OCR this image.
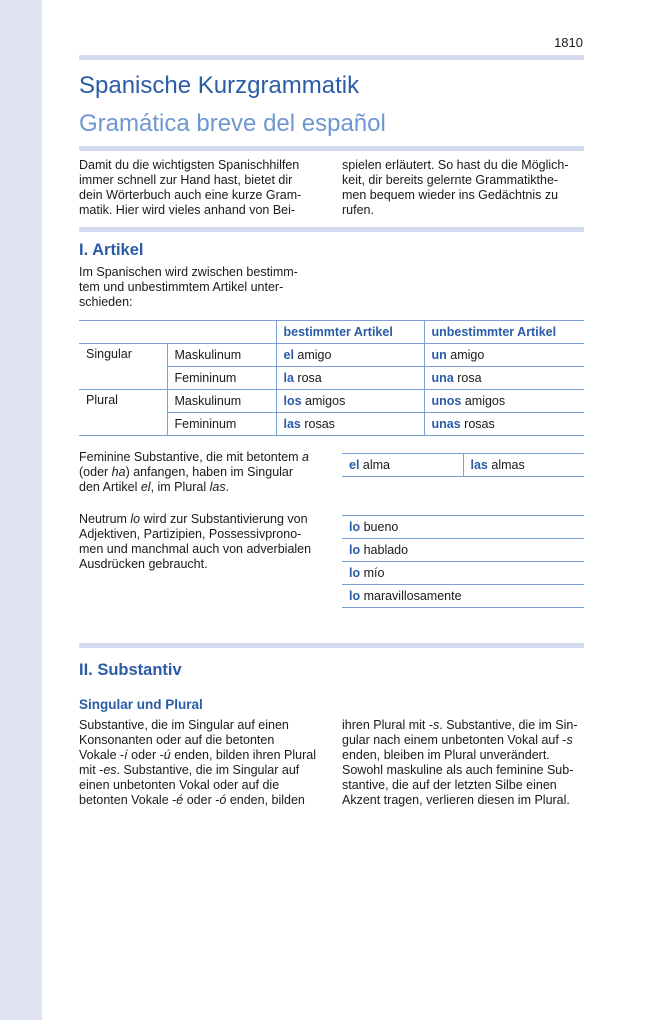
1810
Spanische Kurzgrammatik
Gramática breve del español

Damit du die wichtigsten Spanischhilfen

immer schnell zur Hand hast, bietet dir

dein Wörterbuch auch eine kurze Gram-

matik. Hier wird vieles anhand von Bei-

spielen erläutert. So hast du die Möglich-

keit, dir bereits gelernte Grammatikthe-

men bequem wieder ins Gedächtnis zu

rufen.

I. Artikel

Im Spanischen wird zwischen bestimm-

tem und unbestimmtem Artikel unter-

schieden:

		bestimmter Artikel	unbestimmter Artikel
Singular	Maskulinum	el amigo	un amigo
	Femininum	la rosa	una rosa
Plural	Maskulinum	los amigos	unos amigos
	Femininum	las rosas	unas rosas

Feminine Substantive, die mit betontem a

(oder ha) anfangen, haben im Singular

den Artikel el, im Plural las.

el alma	las almas

Neutrum lo wird zur Substantivierung von

Adjektiven, Partizipien, Possessivprono-

men und manchmal auch von adverbialen

Ausdrücken gebraucht.

lo bueno
lo hablado
lo mío
lo maravillosamente
II. Substantiv
Singular und Plural

Substantive, die im Singular auf einen

Konsonanten oder auf die betonten

Vokale -í oder -ú enden, bilden ihren Plural

mit -es. Substantive, die im Singular auf

einen unbetonten Vokal oder auf die

betonten Vokale -é oder -ó enden, bilden

ihren Plural mit -s. Substantive, die im Sin-

gular nach einem unbetonten Vokal auf -s

enden, bleiben im Plural unverändert.

Sowohl maskuline als auch feminine Sub-

stantive, die auf der letzten Silbe einen

Akzent tragen, verlieren diesen im Plural.
